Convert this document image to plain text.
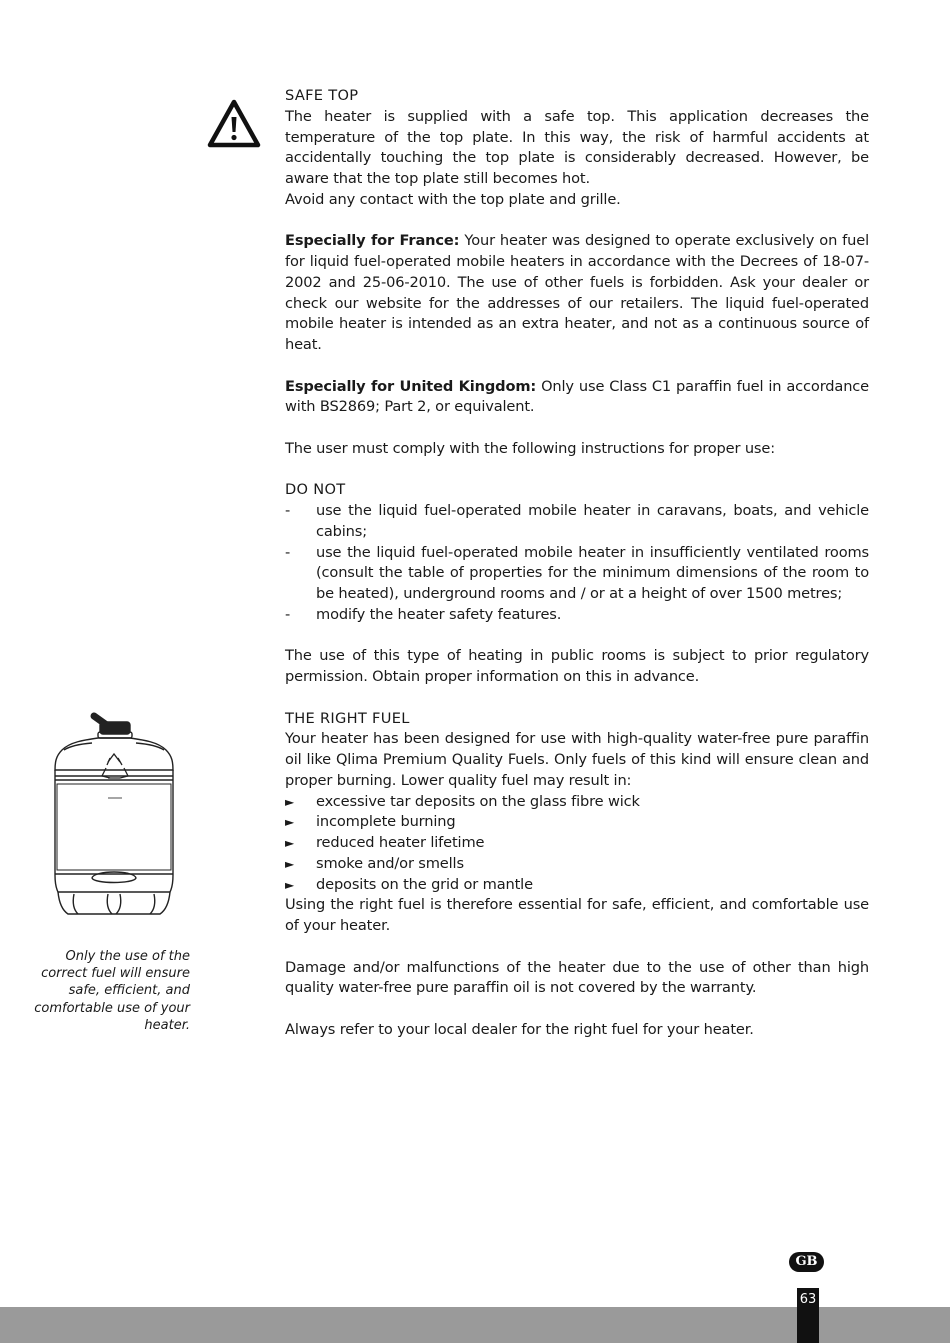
SAFE TOP

The heater is supplied with a safe top. This application decreases the temperature of the top plate. In this way, the risk of harmful accidents at accidentally touching the top plate is considerably decreased. However, be aware that the top plate still becomes hot.

Avoid any contact with the top plate and grille.

Especially for France: Your heater was designed to operate exclusively on fuel for liquid fuel-operated mobile heaters in accordance with the Decrees of 18-07-2002 and 25-06-2010. The use of other fuels is forbidden. Ask your dealer or check our website for the addresses of our retailers. The liquid fuel-operated mobile heater is intended as an extra heater, and not as a continuous source of heat.

Especially for United Kingdom: Only use Class C1 paraffin fuel in accordance with BS2869; Part 2, or equivalent.

The user must comply with the following instructions for proper use:

DO NOT

- use the liquid fuel-operated mobile heater in caravans, boats, and vehicle cabins;
- use the liquid fuel-operated mobile heater in insufficiently ventilated rooms (consult the table of properties for the minimum dimensions of the room to be heated), underground rooms and / or at a height of over 1500 metres;
- modify the heater safety features.

The use of this type of heating in public rooms is subject to prior regulatory permission. Obtain proper information on this in advance.

THE RIGHT FUEL

Your heater has been designed for use with high-quality water-free pure paraffin oil like Qlima Premium Quality Fuels. Only fuels of this kind will ensure clean and proper burning. Lower quality fuel may result in:

► excessive tar deposits on the glass fibre wick
► incomplete burning
► reduced heater lifetime
► smoke and/or smells
► deposits on the grid or mantle

Using the right fuel is therefore essential for safe, efficient, and comfortable use of your heater.

Damage and/or malfunctions of the heater due to the use of other than high quality water-free pure paraffin oil is not covered by the warranty.

Always refer to your local dealer for the right fuel for your heater.

Only the use of the correct fuel will ensure safe, efficient, and comfortable use of your heater.

GB
63
